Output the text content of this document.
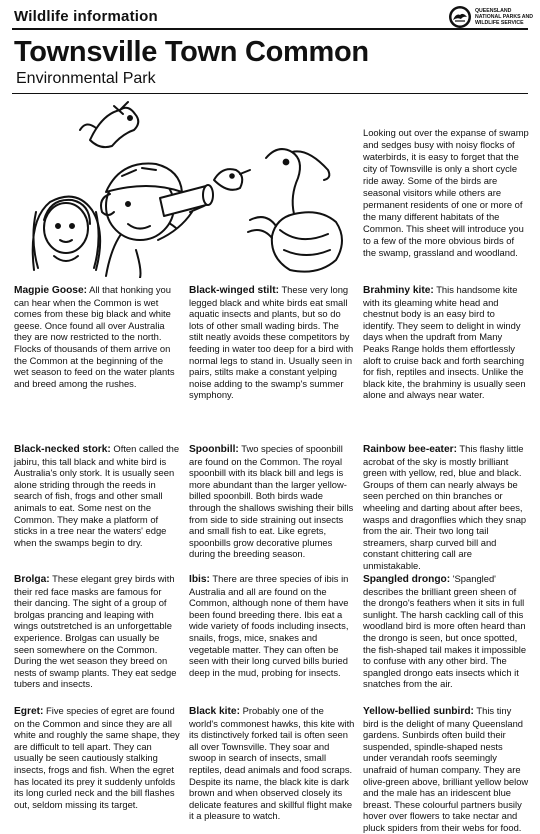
Wildlife information	QUEENSLAND NATIONAL PARKS AND WILDLIFE SERVICE
Townsville Town Common
Environmental Park
Looking out over the expanse of swamp and sedges busy with noisy flocks of waterbirds, it is easy to forget that the city of Townsville is only a short cycle ride away. Some of the birds are seasonal visitors while others are permanent residents of one or more of the many different habitats of the Common. This sheet will introduce you to a few of the more obvious birds of the swamp, grassland and woodland.
Magpie Goose: All that honking you can hear when the Common is wet comes from these big black and white geese. Once found all over Australia they are now restricted to the north. Flocks of thousands of them arrive on the Common at the beginning of the wet season to feed on the water plants and breed among the rushes.
Black-winged stilt: These very long legged black and white birds eat small aquatic insects and plants, but so do lots of other small wading birds. The stilt neatly avoids these competitors by feeding in water too deep for a bird with normal legs to stand in. Usually seen in pairs, stilts make a constant yelping noise adding to the swamp's summer symphony.
Brahminy kite: This handsome kite with its gleaming white head and chestnut body is an easy bird to identify. They seem to delight in windy days when the updraft from Many Peaks Range holds them effortlessly aloft to cruise back and forth searching for fish, reptiles and insects. Unlike the black kite, the brahminy is usually seen alone and always near water.
Black-necked stork: Often called the jabiru, this tall black and white bird is Australia's only stork. It is usually seen alone striding through the reeds in search of fish, frogs and other small animals to eat. Some nest on the Common. They make a platform of sticks in a tree near the waters' edge when the swamps begin to dry.
Spoonbill: Two species of spoonbill are found on the Common. The royal spoonbill with its black bill and legs is more abundant than the larger yellow-billed spoonbill. Both birds wade through the shallows swishing their bills from side to side straining out insects and small fish to eat. Like egrets, spoonbills grow decorative plumes during the breeding season.
Rainbow bee-eater: This flashy little acrobat of the sky is mostly brilliant green with yellow, red, blue and black. Groups of them can nearly always be seen perched on thin branches or wheeling and darting about after bees, wasps and dragonflies which they snap from the air. Their two long tail streamers, sharp curved bill and constant chittering call are unmistakable.
Brolga: These elegant grey birds with their red face masks are famous for their dancing. The sight of a group of brolgas prancing and leaping with wings outstretched is an unforgettable experience. Brolgas can usually be seen somewhere on the Common. During the wet season they breed on nests of swamp plants. They eat sedge tubers and insects.
Ibis: There are three species of ibis in Australia and all are found on the Common, although none of them have been found breeding there. Ibis eat a wide variety of foods including insects, snails, frogs, mice, snakes and vegetable matter. They can often be seen with their long curved bills buried deep in the mud, probing for insects.
Spangled drongo: 'Spangled' describes the brilliant green sheen of the drongo's feathers when it sits in full sunlight. The harsh cackling call of this woodland bird is more often heard than the drongo is seen, but once spotted, the fish-shaped tail makes it impossible to confuse with any other bird. The spangled drongo eats insects which it snatches from the air.
Egret: Five species of egret are found on the Common and since they are all white and roughly the same shape, they are difficult to tell apart. They can usually be seen cautiously stalking insects, frogs and fish. When the egret has located its prey it suddenly unfolds its long curled neck and the bill flashes out, seldom missing its target.
Black kite: Probably one of the world's commonest hawks, this kite with its distinctively forked tail is often seen all over Townsville. They soar and swoop in search of insects, small reptiles, dead animals and food scraps. Despite its name, the black kite is dark brown and when observed closely its delicate features and skillful flight make it a pleasure to watch.
Yellow-bellied sunbird: This tiny bird is the delight of many Queensland gardens. Sunbirds often build their suspended, spindle-shaped nests under verandah roofs seemingly unafraid of human company. They are olive-green above, brilliant yellow below and the male has an iridescent blue breast. These colourful partners busily hover over flowers to take nectar and pluck spiders from their webs for food.
